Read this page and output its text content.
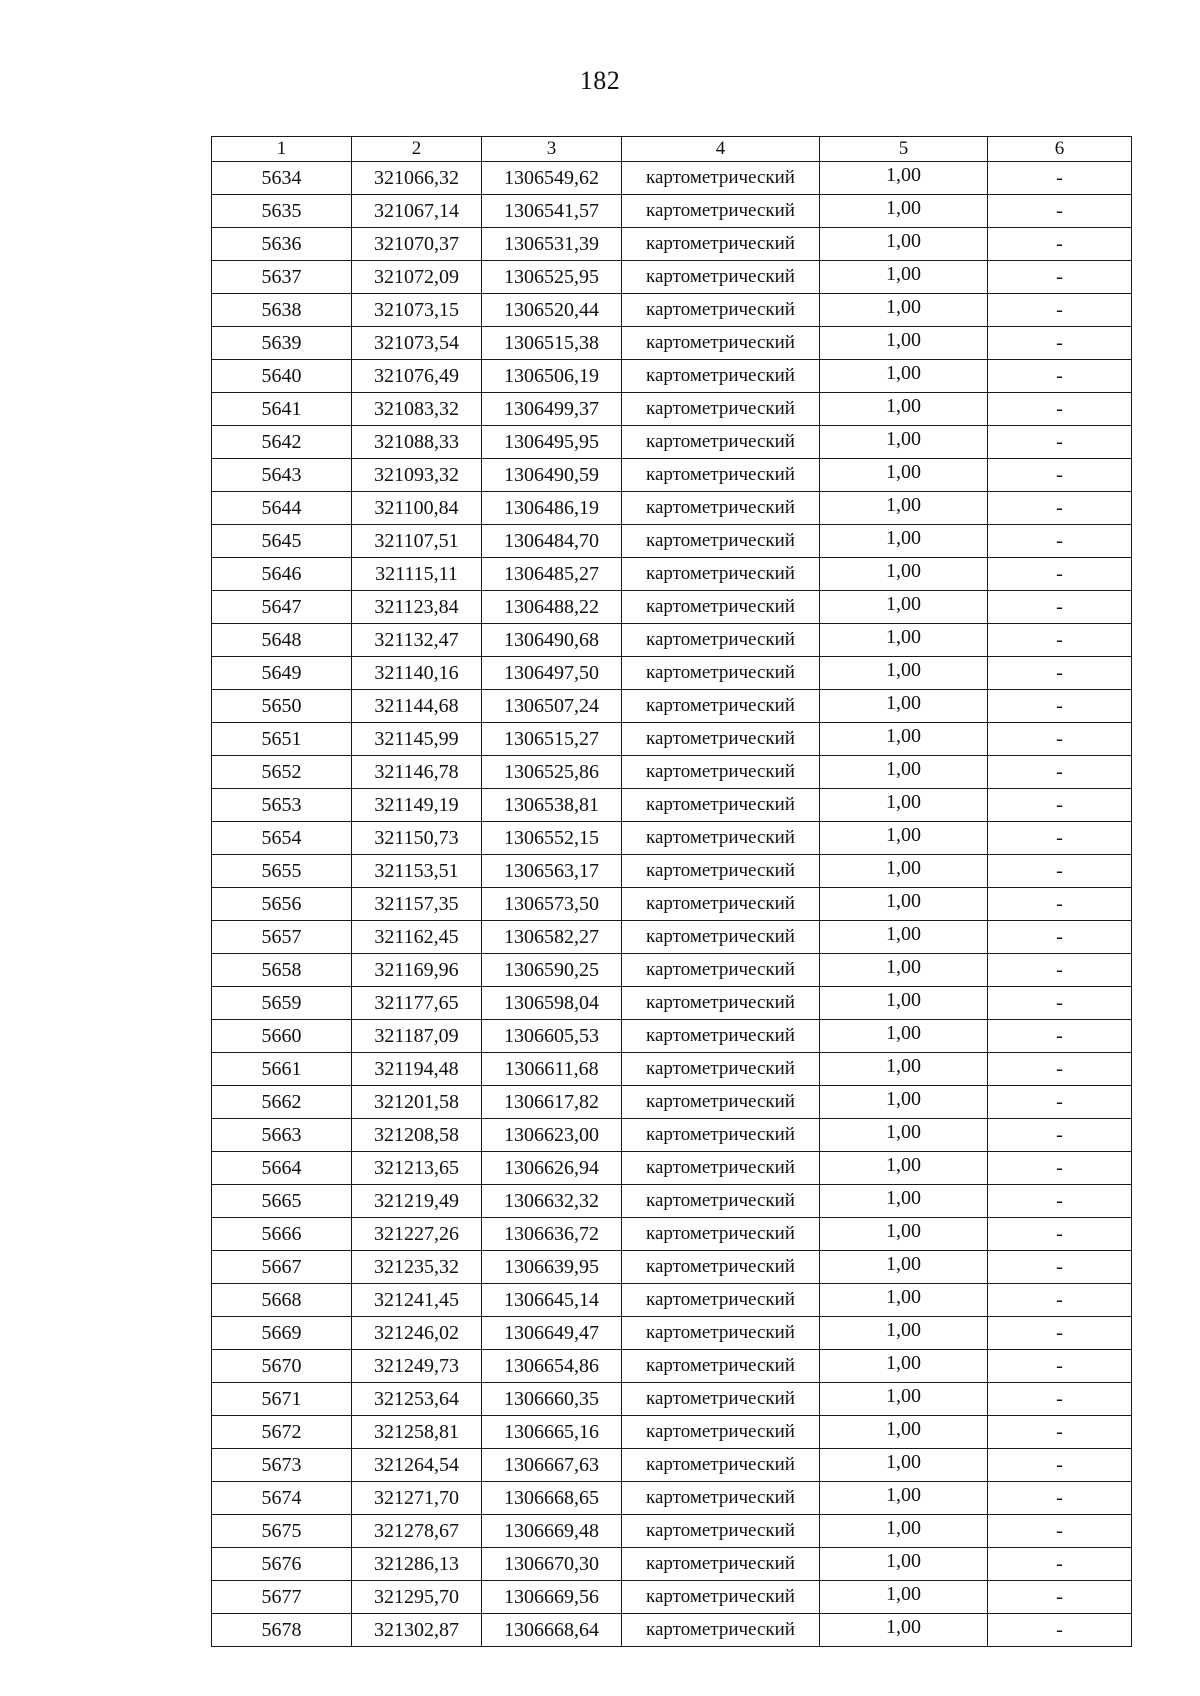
182
1	2	3	4	5	6
5634	321066,32	1306549,62	картометрический	1,00	-
5635	321067,14	1306541,57	картометрический	1,00	-
5636	321070,37	1306531,39	картометрический	1,00	-
5637	321072,09	1306525,95	картометрический	1,00	-
5638	321073,15	1306520,44	картометрический	1,00	-
5639	321073,54	1306515,38	картометрический	1,00	-
5640	321076,49	1306506,19	картометрический	1,00	-
5641	321083,32	1306499,37	картометрический	1,00	-
5642	321088,33	1306495,95	картометрический	1,00	-
5643	321093,32	1306490,59	картометрический	1,00	-
5644	321100,84	1306486,19	картометрический	1,00	-
5645	321107,51	1306484,70	картометрический	1,00	-
5646	321115,11	1306485,27	картометрический	1,00	-
5647	321123,84	1306488,22	картометрический	1,00	-
5648	321132,47	1306490,68	картометрический	1,00	-
5649	321140,16	1306497,50	картометрический	1,00	-
5650	321144,68	1306507,24	картометрический	1,00	-
5651	321145,99	1306515,27	картометрический	1,00	-
5652	321146,78	1306525,86	картометрический	1,00	-
5653	321149,19	1306538,81	картометрический	1,00	-
5654	321150,73	1306552,15	картометрический	1,00	-
5655	321153,51	1306563,17	картометрический	1,00	-
5656	321157,35	1306573,50	картометрический	1,00	-
5657	321162,45	1306582,27	картометрический	1,00	-
5658	321169,96	1306590,25	картометрический	1,00	-
5659	321177,65	1306598,04	картометрический	1,00	-
5660	321187,09	1306605,53	картометрический	1,00	-
5661	321194,48	1306611,68	картометрический	1,00	-
5662	321201,58	1306617,82	картометрический	1,00	-
5663	321208,58	1306623,00	картометрический	1,00	-
5664	321213,65	1306626,94	картометрический	1,00	-
5665	321219,49	1306632,32	картометрический	1,00	-
5666	321227,26	1306636,72	картометрический	1,00	-
5667	321235,32	1306639,95	картометрический	1,00	-
5668	321241,45	1306645,14	картометрический	1,00	-
5669	321246,02	1306649,47	картометрический	1,00	-
5670	321249,73	1306654,86	картометрический	1,00	-
5671	321253,64	1306660,35	картометрический	1,00	-
5672	321258,81	1306665,16	картометрический	1,00	-
5673	321264,54	1306667,63	картометрический	1,00	-
5674	321271,70	1306668,65	картометрический	1,00	-
5675	321278,67	1306669,48	картометрический	1,00	-
5676	321286,13	1306670,30	картометрический	1,00	-
5677	321295,70	1306669,56	картометрический	1,00	-
5678	321302,87	1306668,64	картометрический	1,00	-
